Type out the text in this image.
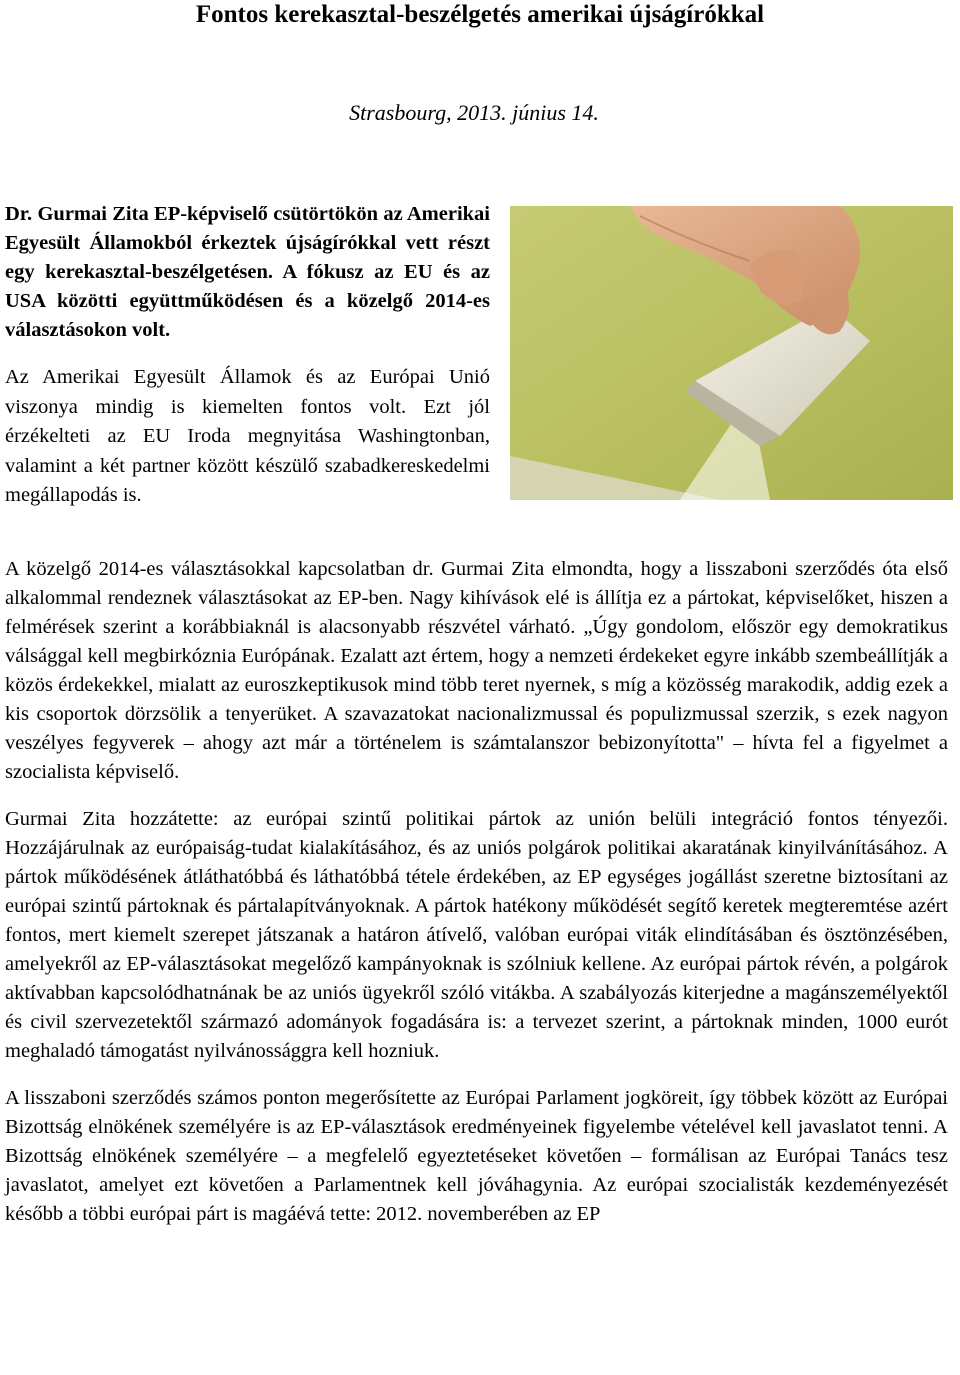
Fontos kerekasztal-beszélgetés amerikai újságírókkal

Strasbourg, 2013. június 14.

Dr. Gurmai Zita EP-képviselő csütörtökön az Amerikai Egyesült Államokból érkeztek újságírókkal vett részt egy kerekasztal-beszélgetésen. A fókusz az EU és az USA közötti együttműködésen és a közelgő 2014-es választásokon volt.

Az Amerikai Egyesült Államok és az Európai Unió viszonya mindig is kiemelten fontos volt. Ezt jól érzékelteti az EU Iroda megnyitása Washingtonban, valamint a két partner között készülő szabadkereskedelmi megállapodás is.

A közelgő 2014-es választásokkal kapcsolatban dr. Gurmai Zita elmondta, hogy a lisszaboni szerződés óta első alkalommal rendeznek választásokat az EP-ben. Nagy kihívások elé is állítja ez a pártokat, képviselőket, hiszen a felmérések szerint a korábbiaknál is alacsonyabb részvétel várható. „Úgy gondolom, először egy demokratikus válsággal kell megbirkóznia Európának. Ezalatt azt értem, hogy a nemzeti érdekeket egyre inkább szembeállítják a közös érdekekkel, mialatt az euroszkeptikusok mind több teret nyernek, s míg a közösség marakodik, addig ezek a kis csoportok dörzsölik a tenyerüket. A szavazatokat nacionalizmussal és populizmussal szerzik, s ezek nagyon veszélyes fegyverek – ahogy azt már a történelem is számtalanszor bebizonyította" – hívta fel a figyelmet a szocialista képviselő.

Gurmai Zita hozzátette: az európai szintű politikai pártok az unión belüli integráció fontos tényezői. Hozzájárulnak az európaiság-tudat kialakításához, és az uniós polgárok politikai akaratának kinyilvánításához. A pártok működésének átláthatóbbá és láthatóbbá tétele érdekében, az EP egységes jogállást szeretne biztosítani az európai szintű pártoknak és pártalapítványoknak. A pártok hatékony működését segítő keretek megteremtése azért fontos, mert kiemelt szerepet játszanak a határon átívelő, valóban európai viták elindításában és ösztönzésében, amelyekről az EP-választásokat megelőző kampányoknak is szólniuk kellene. Az európai pártok révén, a polgárok aktívabban kapcsolódhatnának be az uniós ügyekről szóló vitákba. A szabályozás kiterjedne a magánszemélyektől és civil szervezetektől származó adományok fogadására is: a tervezet szerint, a pártoknak minden, 1000 eurót meghaladó támogatást nyilvánossággra kell hozniuk.

A lisszaboni szerződés számos ponton megerősítette az Európai Parlament jogköreit, így többek között az Európai Bizottság elnökének személyére is az EP-választások eredményeinek figyelembe vételével kell javaslatot tenni. A Bizottság elnökének személyére – a megfelelő egyeztetéseket követően – formálisan az Európai Tanács tesz javaslatot, amelyet ezt követően a Parlamentnek kell jóváhagynia. Az európai szocialisták kezdeményezését később a többi európai párt is magáévá tette: 2012. novemberében az EP
